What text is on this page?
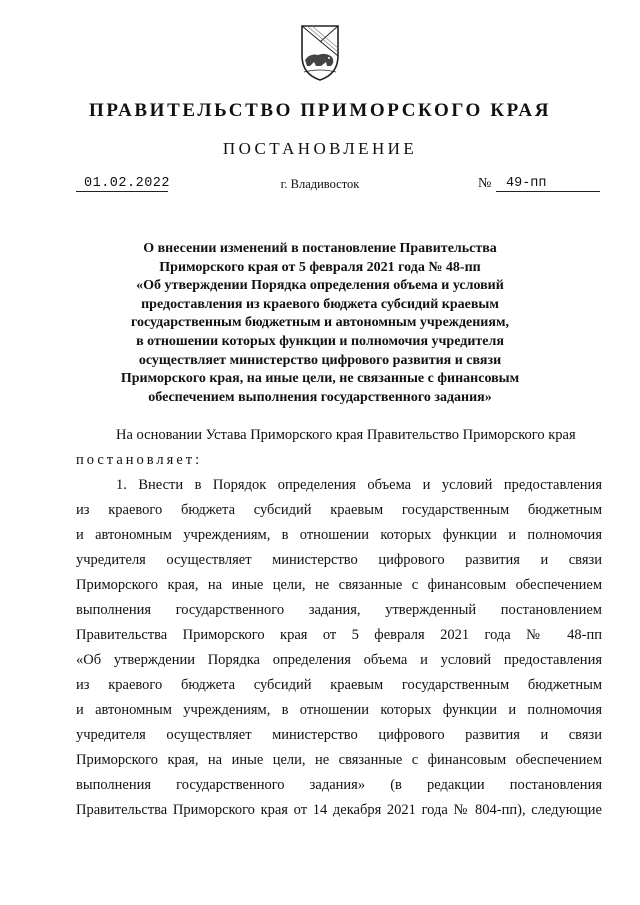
ПРАВИТЕЛЬСТВО ПРИМОРСКОГО КРАЯ
ПОСТАНОВЛЕНИЕ
01.02.2022	г. Владивосток	№ 49-пп
О внесении изменений в постановление Правительства
Приморского края от 5 февраля 2021 года № 48-пп
«Об утверждении Порядка определения объема и условий
предоставления из краевого бюджета субсидий краевым
государственным бюджетным и автономным учреждениям,
в отношении которых функции и полномочия учредителя
осуществляет министерство цифрового развития и связи
Приморского края, на иные цели, не связанные с финансовым
обеспечением выполнения государственного задания»
На основании Устава Приморского края Правительство Приморского края
постановляет:
1. Внести в Порядок определения объема и условий предоставления
из краевого бюджета субсидий краевым государственным бюджетным
и автономным учреждениям, в отношении которых функции и полномочия
учредителя осуществляет министерство цифрового развития и связи
Приморского края, на иные цели, не связанные с финансовым обеспечением
выполнения государственного задания, утвержденный постановлением
Правительства Приморского края от 5 февраля 2021 года № 48-пп
«Об утверждении Порядка определения объема и условий предоставления
из краевого бюджета субсидий краевым государственным бюджетным
и автономным учреждениям, в отношении которых функции и полномочия
учредителя осуществляет министерство цифрового развития и связи
Приморского края, на иные цели, не связанные с финансовым обеспечением
выполнения государственного задания» (в редакции постановления
Правительства Приморского края от 14 декабря 2021 года № 804-пп), следующие
